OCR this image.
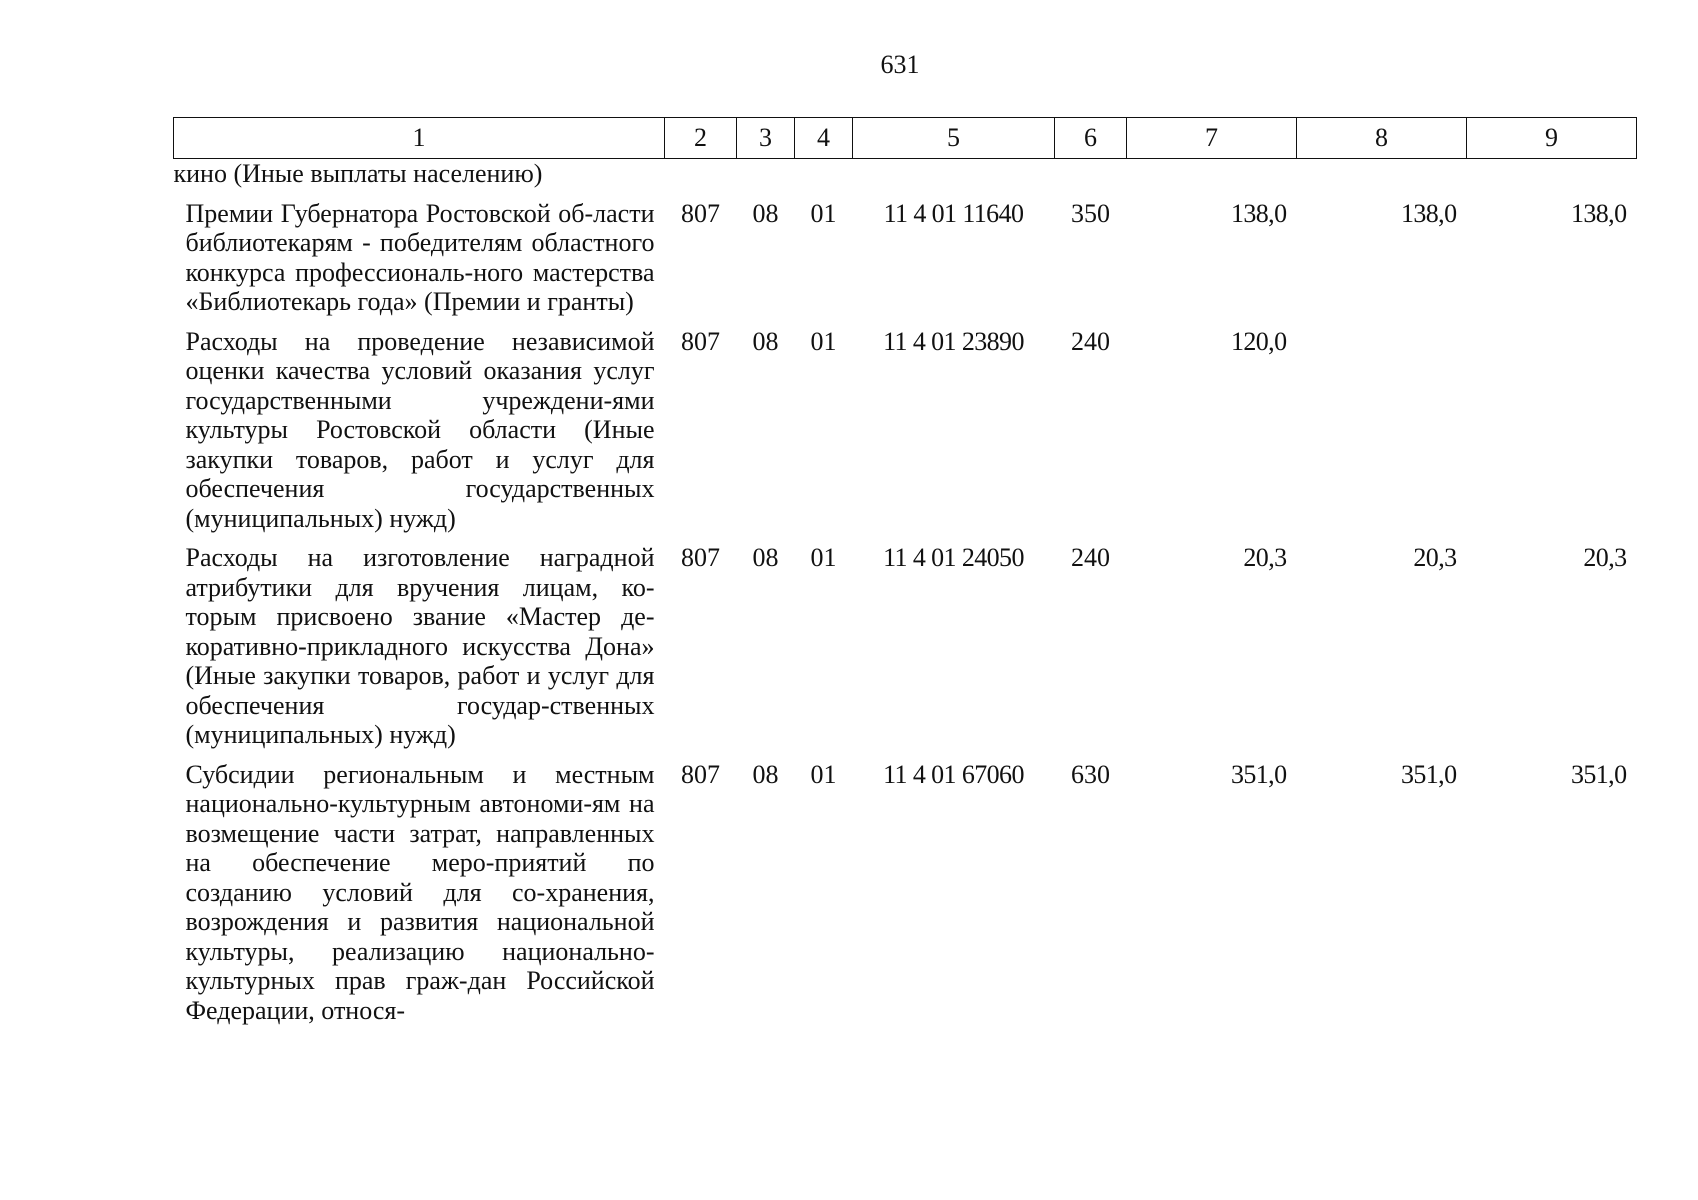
631
1	2	3	4	5	6	7	8	9
кино (Иные выплаты населению)								
Премии Губернатора Ростовской об-ласти библиотекарям - победителям областного конкурса профессиональ-ного мастерства «Библиотекарь года» (Премии и гранты)	807	08	01	11 4 01 11640	350	138,0	138,0	138,0
Расходы на проведение независимой оценки качества условий оказания услуг государственными учреждени-ями культуры Ростовской области (Иные закупки товаров, работ и услуг для обеспечения государственных (муниципальных) нужд)	807	08	01	11 4 01 23890	240	120,0		
Расходы на изготовление наградной атрибутики для вручения лицам, ко-торым присвоено звание «Мастер де-коративно-прикладного искусства Дона» (Иные закупки товаров, работ и услуг для обеспечения государ-ственных (муниципальных) нужд)	807	08	01	11 4 01 24050	240	20,3	20,3	20,3
Субсидии региональным и местным национально-культурным автономи-ям на возмещение части затрат, направленных на обеспечение меро-приятий по созданию условий для со-хранения, возрождения и развития национальной культуры, реализацию национально-культурных прав граж-дан Российской Федерации, относя-	807	08	01	11 4 01 67060	630	351,0	351,0	351,0
